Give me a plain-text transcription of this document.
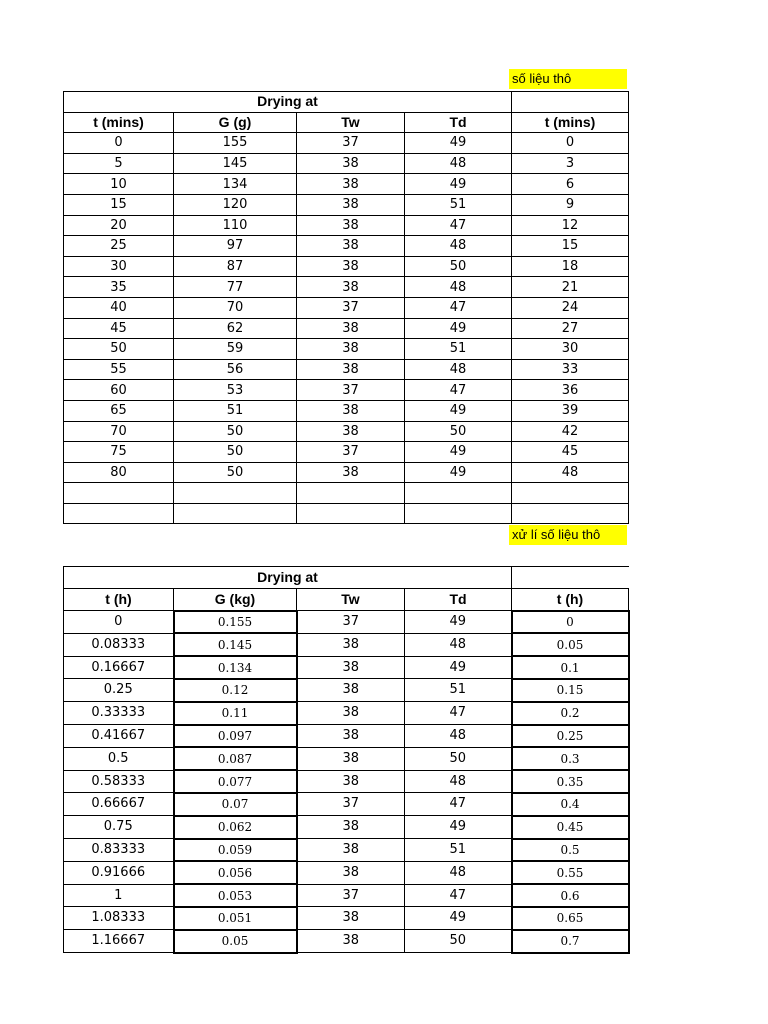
số liệu thô
Drying at				
t (mins)	G (g)	Tw	Td	t (mins)
0	155	37	49	0
5	145	38	48	3
10	134	38	49	6
15	120	38	51	9
20	110	38	47	12
25	97	38	48	15
30	87	38	50	18
35	77	38	48	21
40	70	37	47	24
45	62	38	49	27
50	59	38	51	30
55	56	38	48	33
60	53	37	47	36
65	51	38	49	39
70	50	38	50	42
75	50	37	49	45
80	50	38	49	48

xử lí số liệu thô
Drying at				
t (h)	G (kg)	Tw	Td	t (h)
0	0.155	37	49	0
0.08333	0.145	38	48	0.05
0.16667	0.134	38	49	0.1
0.25	0.12	38	51	0.15
0.33333	0.11	38	47	0.2
0.41667	0.097	38	48	0.25
0.5	0.087	38	50	0.3
0.58333	0.077	38	48	0.35
0.66667	0.07	37	47	0.4
0.75	0.062	38	49	0.45
0.83333	0.059	38	51	0.5
0.91666	0.056	38	48	0.55
1	0.053	37	47	0.6
1.08333	0.051	38	49	0.65
1.16667	0.05	38	50	0.7
